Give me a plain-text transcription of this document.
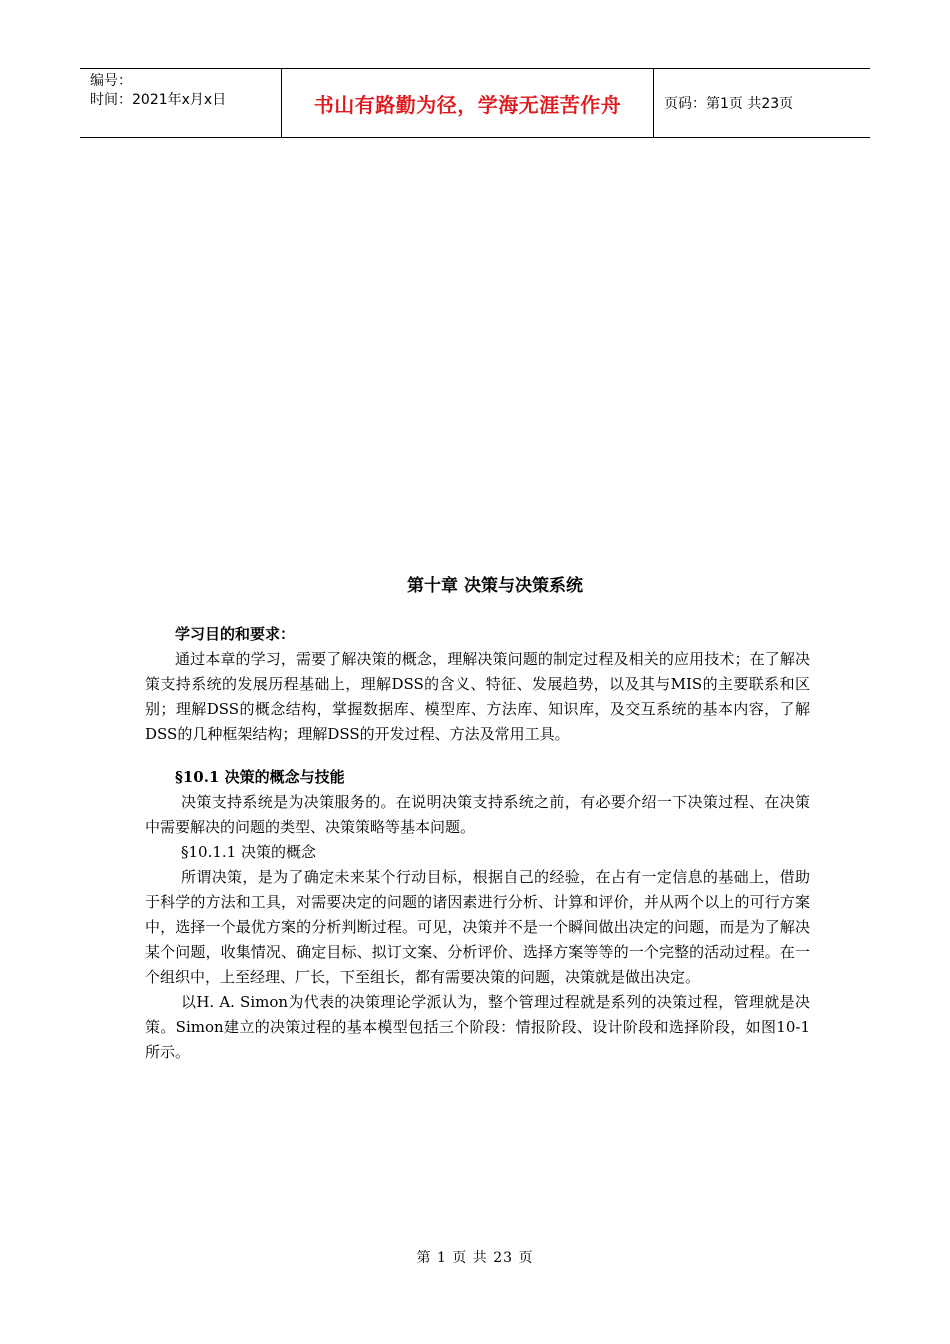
编号：
时间：2021年x月x日	书山有路勤为径，学海无涯苦作舟	页码：第1页 共23页
第十章 决策与决策系统

学习目的和要求：

通过本章的学习，需要了解决策的概念，理解决策问题的制定过程及相关的应用技术；在了解决策支持系统的发展历程基础上，理解DSS的含义、特征、发展趋势，以及其与MIS的主要联系和区别；理解DSS的概念结构，掌握数据库、模型库、方法库、知识库，及交互系统的基本内容，了解DSS的几种框架结构；理解DSS的开发过程、方法及常用工具。

§10.1 决策的概念与技能

决策支持系统是为决策服务的。在说明决策支持系统之前，有必要介绍一下决策过程、在决策中需要解决的问题的类型、决策策略等基本问题。

§10.1.1 决策的概念

所谓决策，是为了确定未来某个行动目标，根据自己的经验，在占有一定信息的基础上，借助于科学的方法和工具，对需要决定的问题的诸因素进行分析、计算和评价，并从两个以上的可行方案中，选择一个最优方案的分析判断过程。可见，决策并不是一个瞬间做出决定的问题，而是为了解决某个问题，收集情况、确定目标、拟订文案、分析评价、选择方案等等的一个完整的活动过程。在一个组织中，上至经理、厂长，下至组长，都有需要决策的问题，决策就是做出决定。

以H. A. Simon为代表的决策理论学派认为，整个管理过程就是系列的决策过程，管理就是决策。Simon建立的决策过程的基本模型包括三个阶段：情报阶段、设计阶段和选择阶段，如图10-1所示。

第 1 页 共 23 页
